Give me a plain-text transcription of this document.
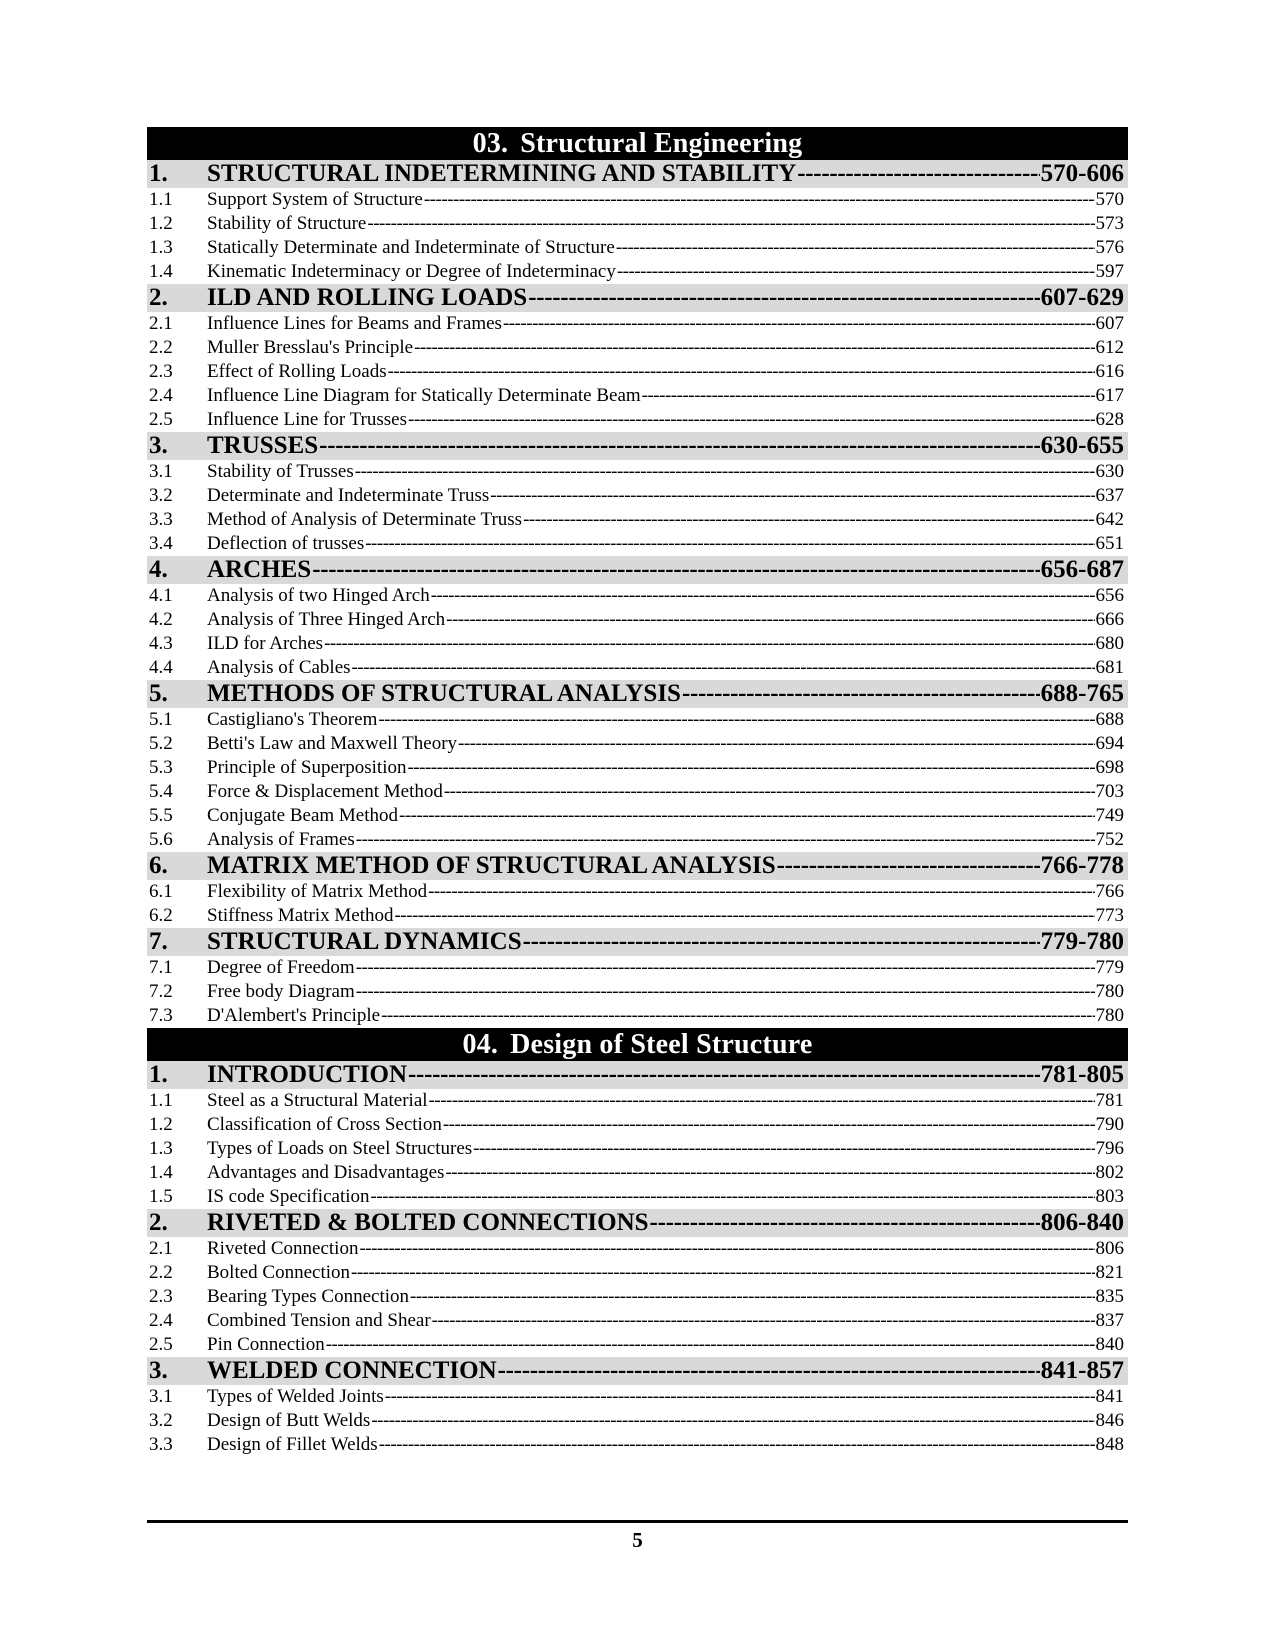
03. Structural Engineering
1.	STRUCTURAL INDETERMINING AND STABILITY -----	570-606
1.1	Support System of Structure -----	570
1.2	Stability of Structure -----	573
1.3	Statically Determinate and Indeterminate of Structure -----	576
1.4	Kinematic Indeterminacy or Degree of Indeterminacy -----	597
2.	ILD AND ROLLING LOADS -----	607-629
2.1	Influence Lines for Beams and Frames -----	607
2.2	Muller Bresslau's Principle -----	612
2.3	Effect of Rolling Loads -----	616
2.4	Influence Line Diagram for Statically Determinate Beam -----	617
2.5	Influence Line for Trusses -----	628
3.	TRUSSES -----	630-655
3.1	Stability of Trusses -----	630
3.2	Determinate and Indeterminate Truss -----	637
3.3	Method of Analysis of Determinate Truss -----	642
3.4	Deflection of trusses -----	651
4.	ARCHES -----	656-687
4.1	Analysis of two Hinged Arch -----	656
4.2	Analysis of Three Hinged Arch -----	666
4.3	ILD for Arches -----	680
4.4	Analysis of Cables -----	681
5.	METHODS OF STRUCTURAL ANALYSIS -----	688-765
5.1	Castigliano's Theorem -----	688
5.2	Betti's Law and Maxwell Theory -----	694
5.3	Principle of Superposition -----	698
5.4	Force & Displacement Method -----	703
5.5	Conjugate Beam Method -----	749
5.6	Analysis of Frames -----	752
6.	MATRIX METHOD OF STRUCTURAL ANALYSIS -----	766-778
6.1	Flexibility of Matrix Method -----	766
6.2	Stiffness Matrix Method -----	773
7.	STRUCTURAL DYNAMICS -----	779-780
7.1	Degree of Freedom -----	779
7.2	Free body Diagram -----	780
7.3	D'Alembert's Principle -----	780
04. Design of Steel Structure
1.	INTRODUCTION -----	781-805
1.1	Steel as a Structural Material -----	781
1.2	Classification of Cross Section -----	790
1.3	Types of Loads on Steel Structures -----	796
1.4	Advantages and Disadvantages -----	802
1.5	IS code Specification -----	803
2.	RIVETED & BOLTED CONNECTIONS -----	806-840
2.1	Riveted Connection -----	806
2.2	Bolted Connection -----	821
2.3	Bearing Types Connection -----	835
2.4	Combined Tension and Shear -----	837
2.5	Pin Connection -----	840
3.	WELDED CONNECTION -----	841-857
3.1	Types of Welded Joints -----	841
3.2	Design of Butt Welds -----	846
3.3	Design of Fillet Welds -----	848
5
